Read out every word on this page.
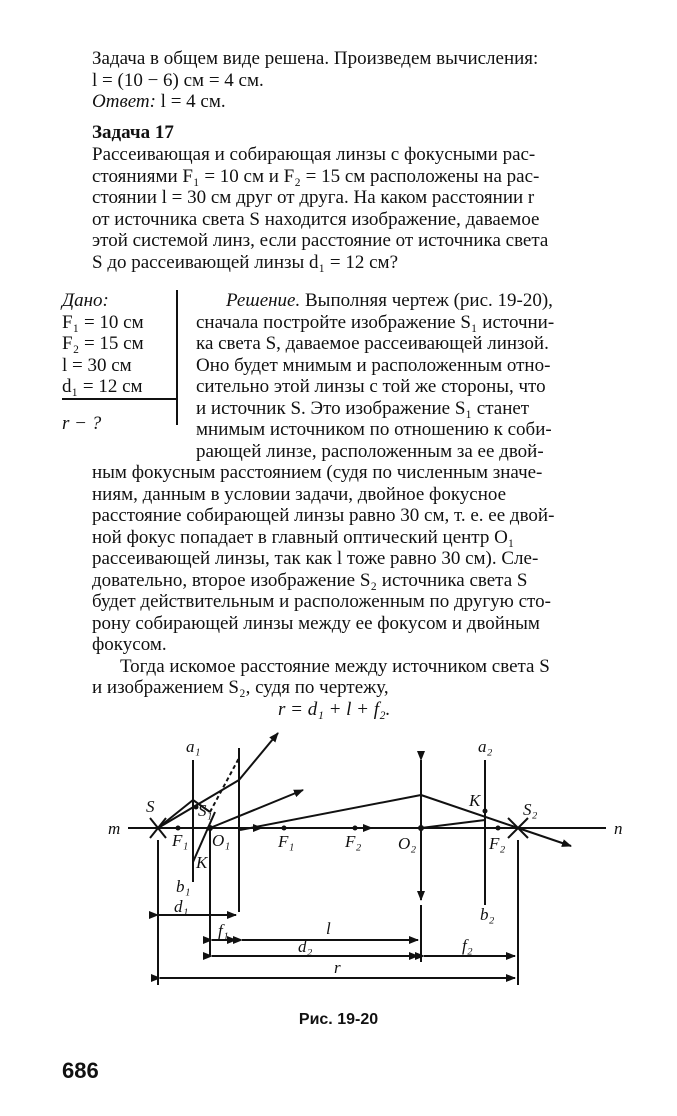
Задача в общем виде решена. Произведем вычисления:
l = (10 − 6) см = 4 см.
Ответ: l = 4 см.
Задача 17
Рассеивающая и собирающая линзы с фокусными рас-
стояниями F₁ = 10 см и F₂ = 15 см расположены на рас-
стоянии l = 30 см друг от друга. На каком расстоянии r
от источника света S находится изображение, даваемое
этой системой линз, если расстояние от источника света
S до рассеивающей линзы d₁ = 12 см?
Дано:
F₁ = 10 см
F₂ = 15 см
l = 30 см
d₁ = 12 см
r − ?
Решение. Выполняя чертеж (рис. 19-20),
сначала постройте изображение S₁ источни-
ка света S, даваемое рассеивающей линзой.
Оно будет мнимым и расположенным отно-
сительно этой линзы с той же стороны, что
и источник S. Это изображение S₁ станет
мнимым источником по отношению к соби-
рающей линзе, расположенным за ее двой-
ным фокусным расстоянием (судя по численным значе-
ниям, данным в условии задачи, двойное фокусное
расстояние собирающей линзы равно 30 см, т. е. ее двой-
ной фокус попадает в главный оптический центр O₁
рассеивающей линзы, так как l тоже равно 30 см). Сле-
довательно, второе изображение S₂ источника света S
будет действительным и расположенным по другую сто-
рону собирающей линзы между ее фокусом и двойным
фокусом.
Тогда искомое расстояние между источником света S
и изображением S₂, судя по чертежу,
r = d₁ + l + f₂.
a₁	a₂
b₁
b₂
m	n
S	S₁	S₂
F₁ O₁	F₁	F₂ O₂	F₂
K
K
d₁
f₁	l
d₂	f₂
r
Рис. 19-20
686
